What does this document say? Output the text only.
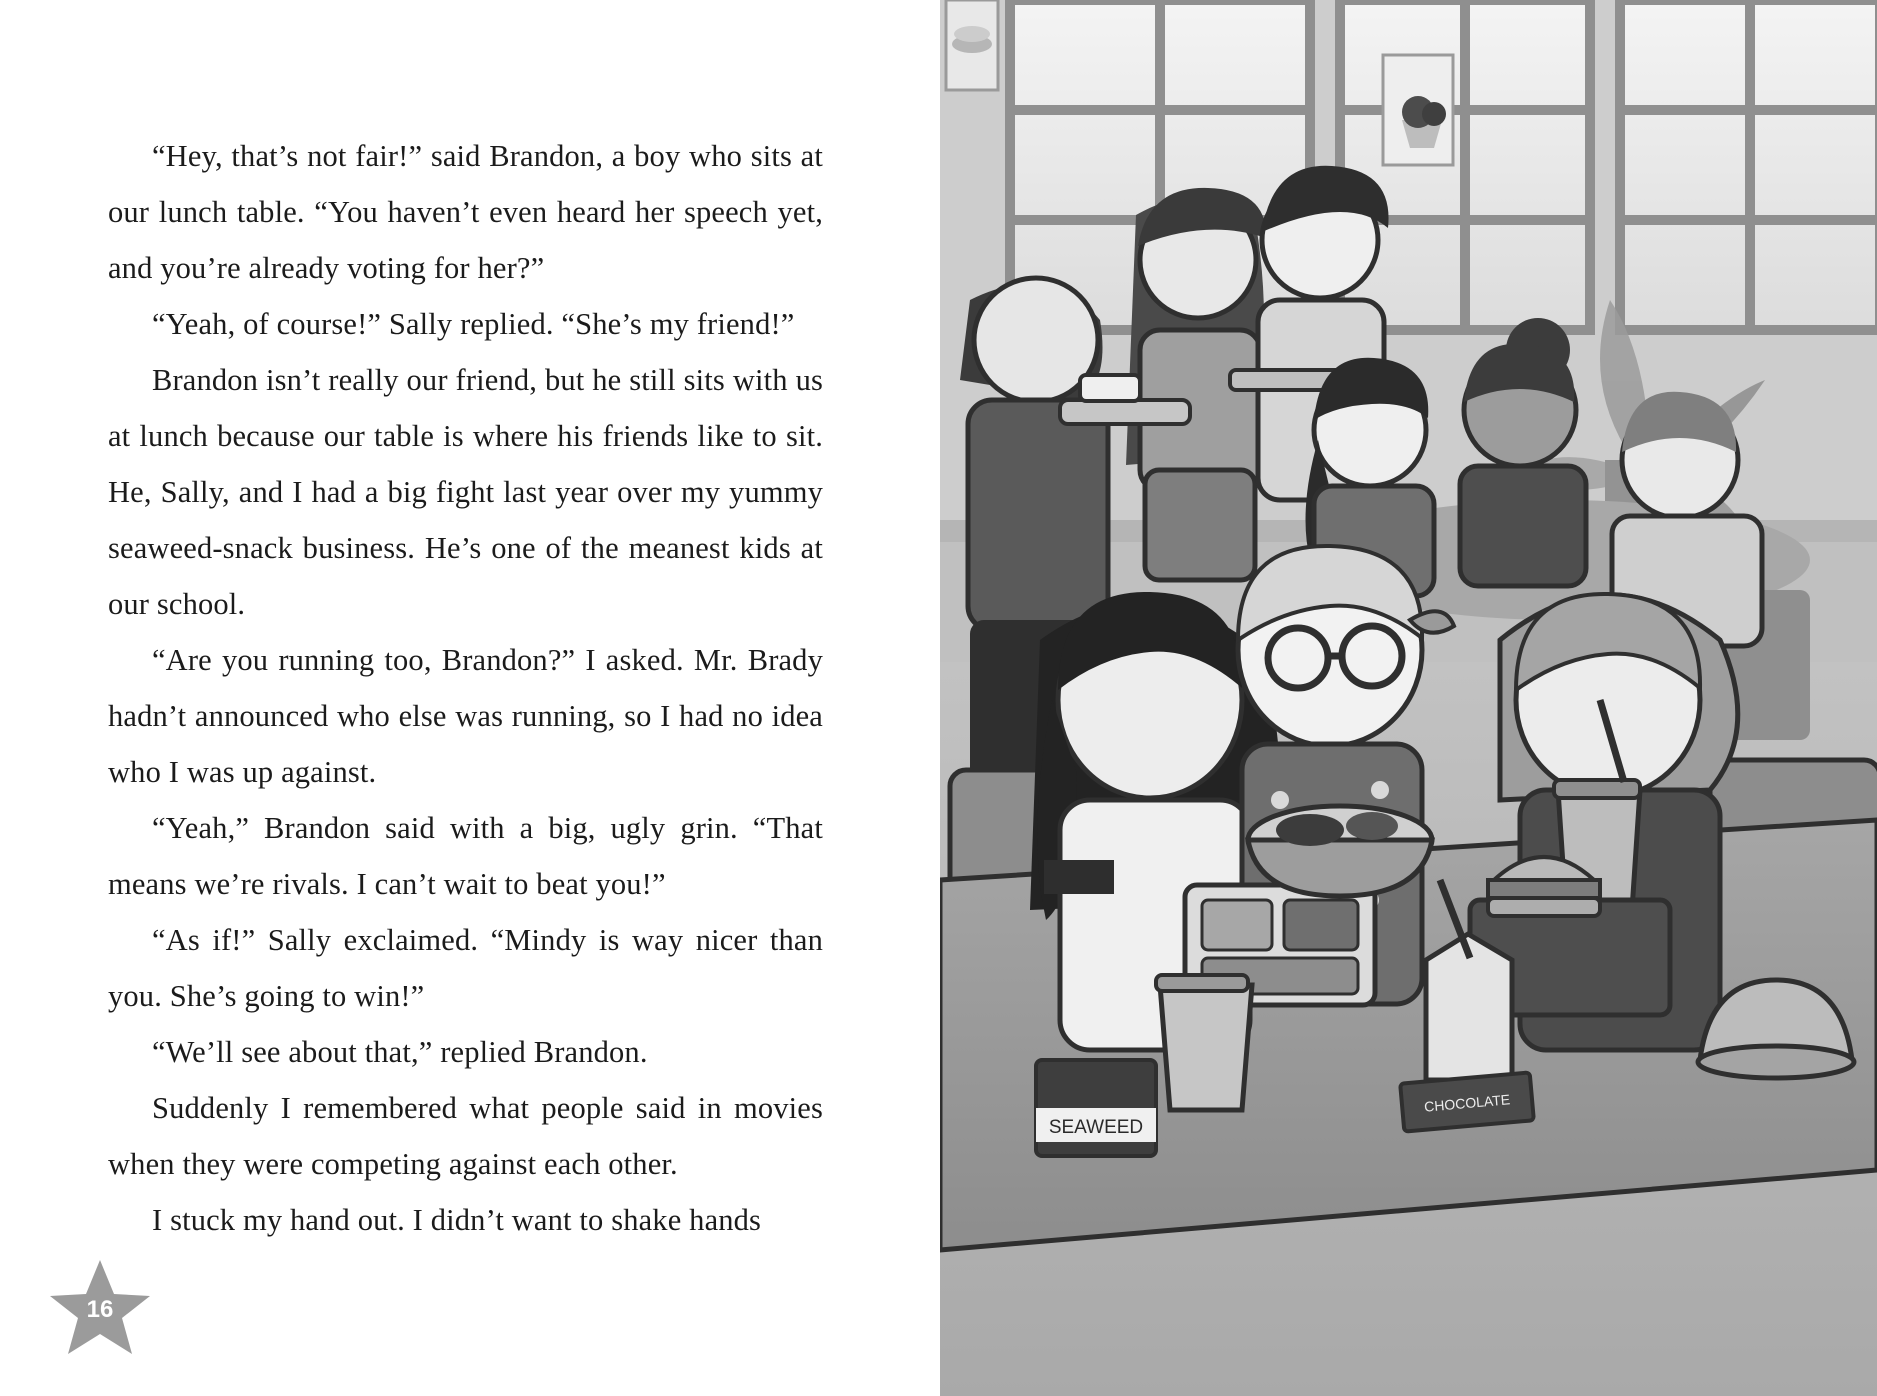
“Hey, that’s not fair!” said Brandon, a boy who sits at our lunch table. “You haven’t even heard her speech yet, and you’re already voting for her?”

“Yeah, of course!” Sally replied. “She’s my friend!”

Brandon isn’t really our friend, but he still sits with us at lunch because our table is where his friends like to sit. He, Sally, and I had a big fight last year over my yummy seaweed-snack business. He’s one of the meanest kids at our school.

“Are you running too, Brandon?” I asked. Mr. Brady hadn’t announced who else was running, so I had no idea who I was up against.

“Yeah,” Brandon said with a big, ugly grin. “That means we’re rivals. I can’t wait to beat you!”

“As if!” Sally exclaimed. “Mindy is way nicer than you. She’s going to win!”

“We’ll see about that,” replied Brandon.

Suddenly I remembered what people said in movies when they were competing against each other.

I stuck my hand out. I didn’t want to shake hands

16
SEAWEED
CHOCOLATE
